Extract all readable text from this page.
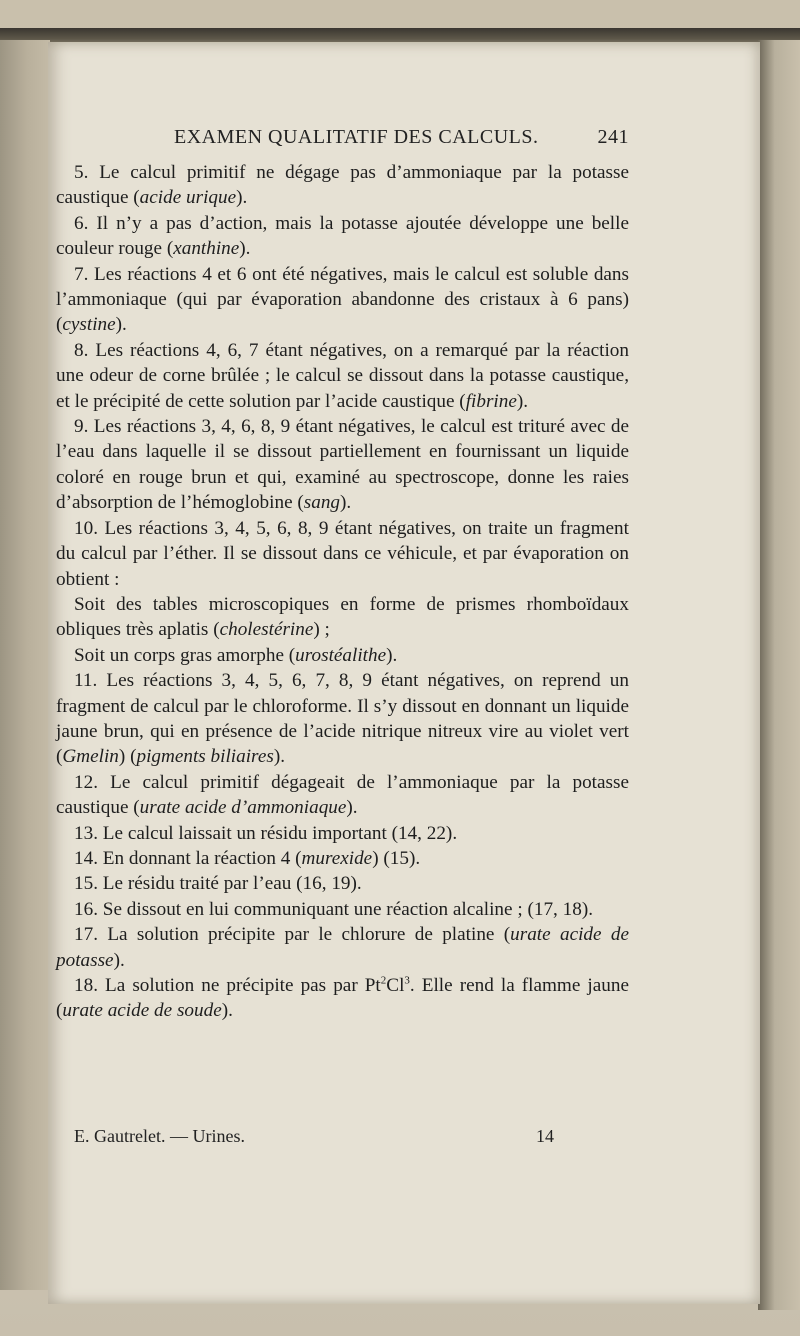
EXAMEN QUALITATIF DES CALCULS.	241

5. Le calcul primitif ne dégage pas d’ammoniaque par la potasse caustique (acide urique).

6. Il n’y a pas d’action, mais la potasse ajoutée développe une belle couleur rouge (xanthine).

7. Les réactions 4 et 6 ont été négatives, mais le calcul est soluble dans l’ammoniaque (qui par évaporation abandonne des cristaux à 6 pans) (cystine).

8. Les réactions 4, 6, 7 étant négatives, on a remarqué par la réaction une odeur de corne brûlée ; le calcul se dissout dans la potasse caustique, et le précipité de cette solution par l’acide caustique (fibrine).

9. Les réactions 3, 4, 6, 8, 9 étant négatives, le calcul est trituré avec de l’eau dans laquelle il se dissout partiellement en fournissant un liquide coloré en rouge brun et qui, examiné au spectroscope, donne les raies d’absorption de l’hémoglobine (sang).

10. Les réactions 3, 4, 5, 6, 8, 9 étant négatives, on traite un fragment du calcul par l’éther. Il se dissout dans ce véhicule, et par évaporation on obtient :

Soit des tables microscopiques en forme de prismes rhomboïdaux obliques très aplatis (cholestérine) ;

Soit un corps gras amorphe (urostéalithe).

11. Les réactions 3, 4, 5, 6, 7, 8, 9 étant négatives, on reprend un fragment de calcul par le chloroforme. Il s’y dissout en donnant un liquide jaune brun, qui en présence de l’acide nitrique nitreux vire au violet vert (Gmelin) (pigments biliaires).

12. Le calcul primitif dégageait de l’ammoniaque par la potasse caustique (urate acide d’ammoniaque).

13. Le calcul laissait un résidu important (14, 22).

14. En donnant la réaction 4 (murexide) (15).

15. Le résidu traité par l’eau (16, 19).

16. Se dissout en lui communiquant une réaction alcaline ; (17, 18).

17. La solution précipite par le chlorure de platine (urate acide de potasse).

18. La solution ne précipite pas par Pt$^2$Cl$^3$. Elle rend la flamme jaune (urate acide de soude).

E. Gautrelet. — Urines.	14
